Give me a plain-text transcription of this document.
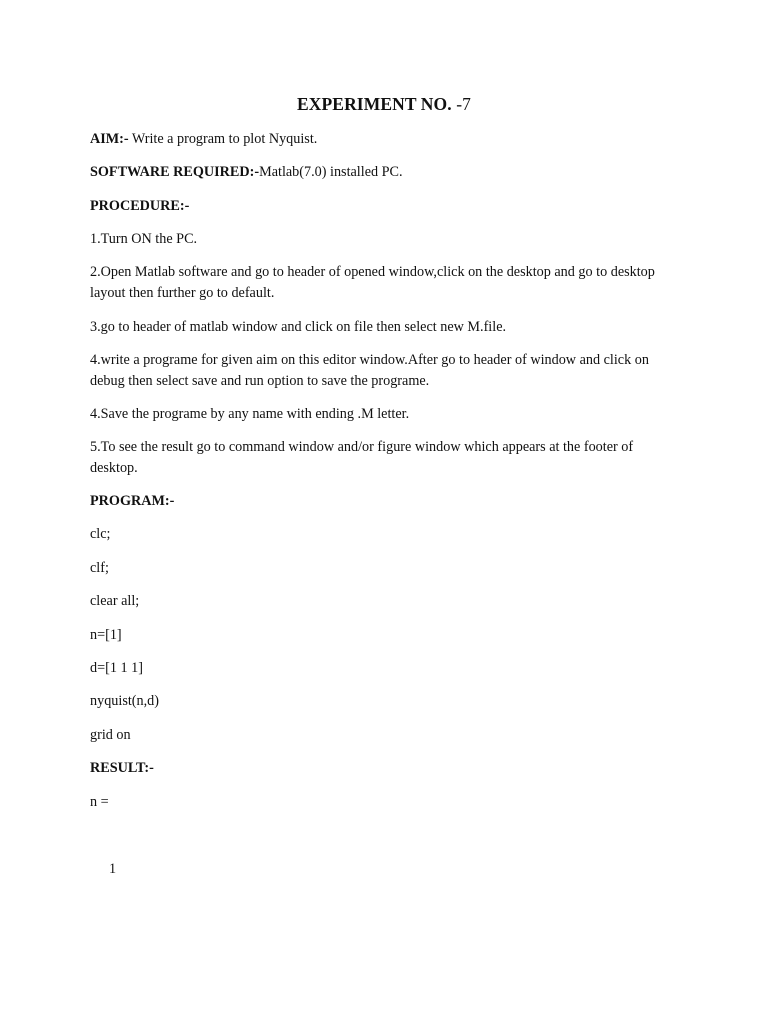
EXPERIMENT NO. -7
AIM:- Write a program to plot Nyquist.
SOFTWARE REQUIRED:-Matlab(7.0) installed PC.
PROCEDURE:-
1.Turn ON the PC.
2.Open Matlab software and go to header of opened window,click on the desktop and go to desktop layout then further go to default.
3.go to header of matlab window and click on file then select new M.file.
4.write a programe for given aim on this editor window.After go to header of window and click on debug then select save and run option to save the programe.
4.Save the programe by any name with ending .M letter.
5.To see the result go to command window and/or figure window which appears at the footer of desktop.
PROGRAM:-
clc;
clf;
clear all;
n=[1]
d=[1 1 1]
nyquist(n,d)
grid on
RESULT:-
n =
1
